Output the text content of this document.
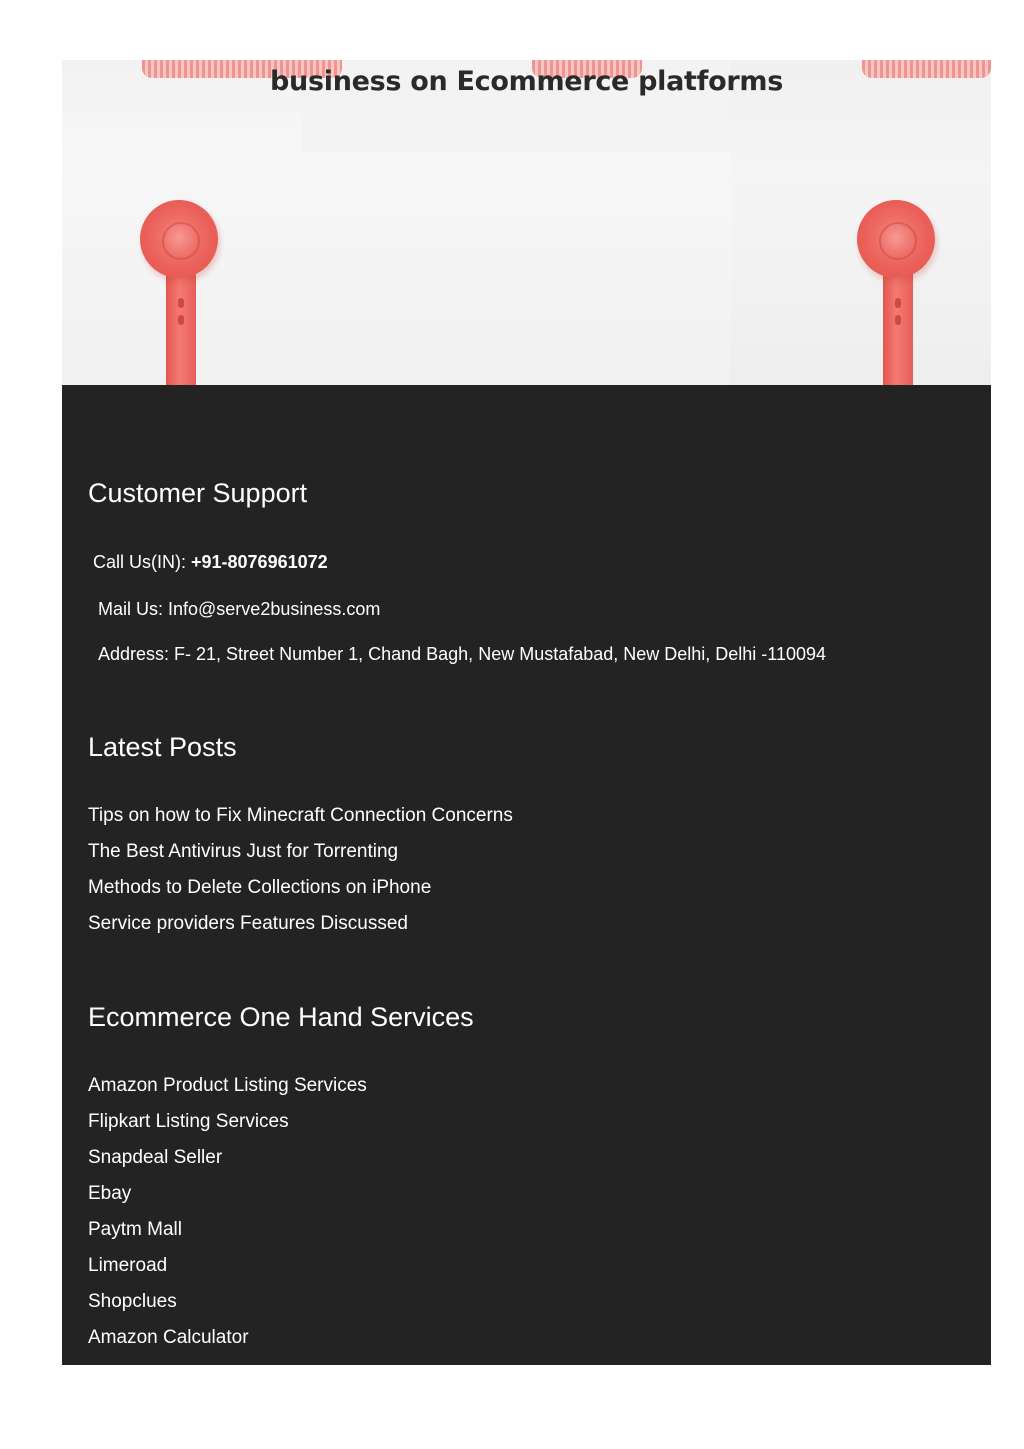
business on Ecommerce platforms
Customer Support
Call Us(IN): +91-8076961072
Mail Us: Info@serve2business.com
Address: F- 21, Street Number 1, Chand Bagh, New Mustafabad, New Delhi, Delhi -110094
Latest Posts
Tips on how to Fix Minecraft Connection Concerns
The Best Antivirus Just for Torrenting
Methods to Delete Collections on iPhone
Service providers Features Discussed
Ecommerce One Hand Services
Amazon Product Listing Services
Flipkart Listing Services
Snapdeal Seller
Ebay
Paytm Mall
Limeroad
Shopclues
Amazon Calculator
